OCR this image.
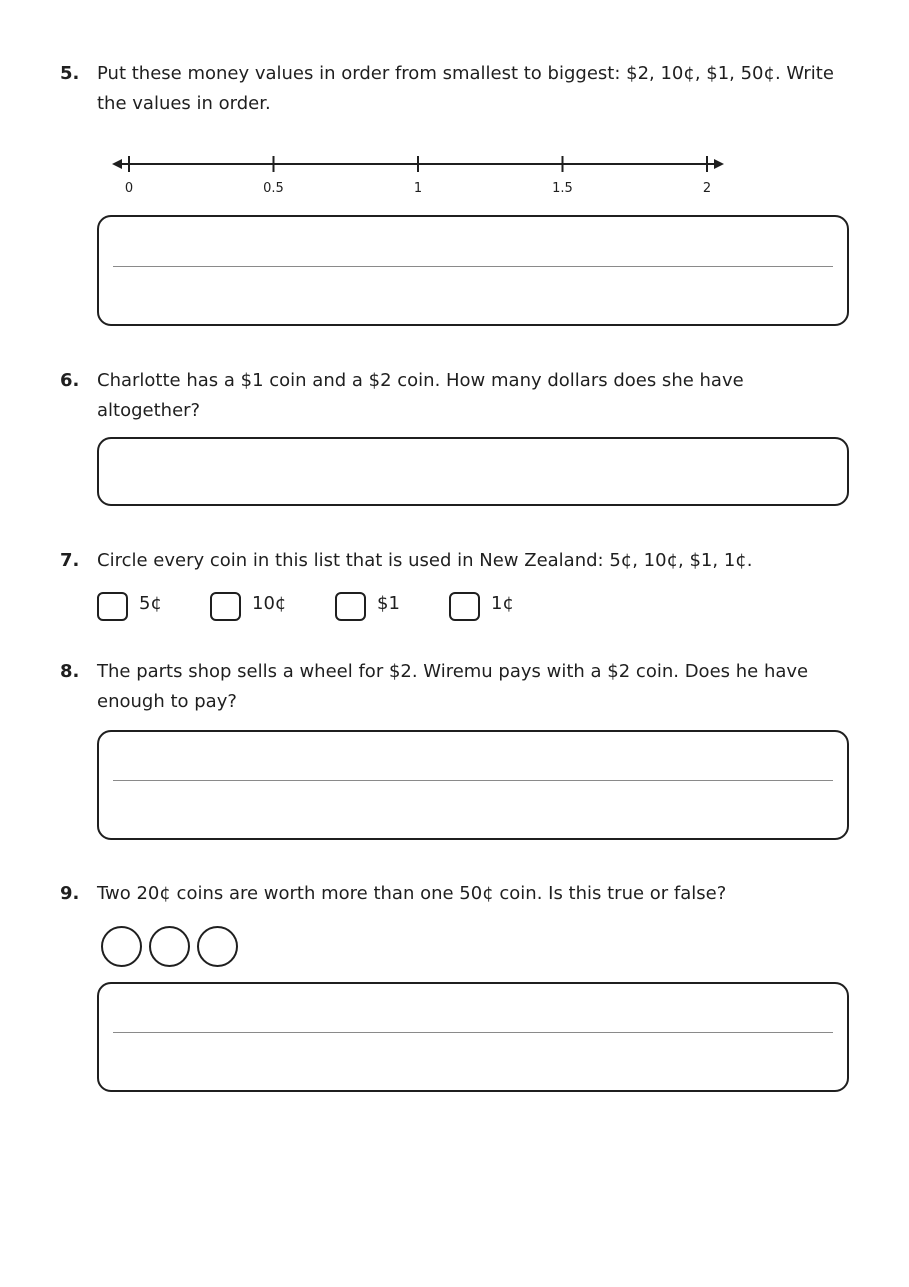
5. Put these money values in order from smallest to biggest: $2, 10¢, $1, 50¢. Write the values in order.
0	0.5	1	1.5	2
6. Charlotte has a $1 coin and a $2 coin. How many dollars does she have altogether?
7. Circle every coin in this list that is used in New Zealand: 5¢, 10¢, $1, 1¢.
5¢	10¢	$1	1¢
8. The parts shop sells a wheel for $2. Wiremu pays with a $2 coin. Does he have enough to pay?
9. Two 20¢ coins are worth more than one 50¢ coin. Is this true or false?
